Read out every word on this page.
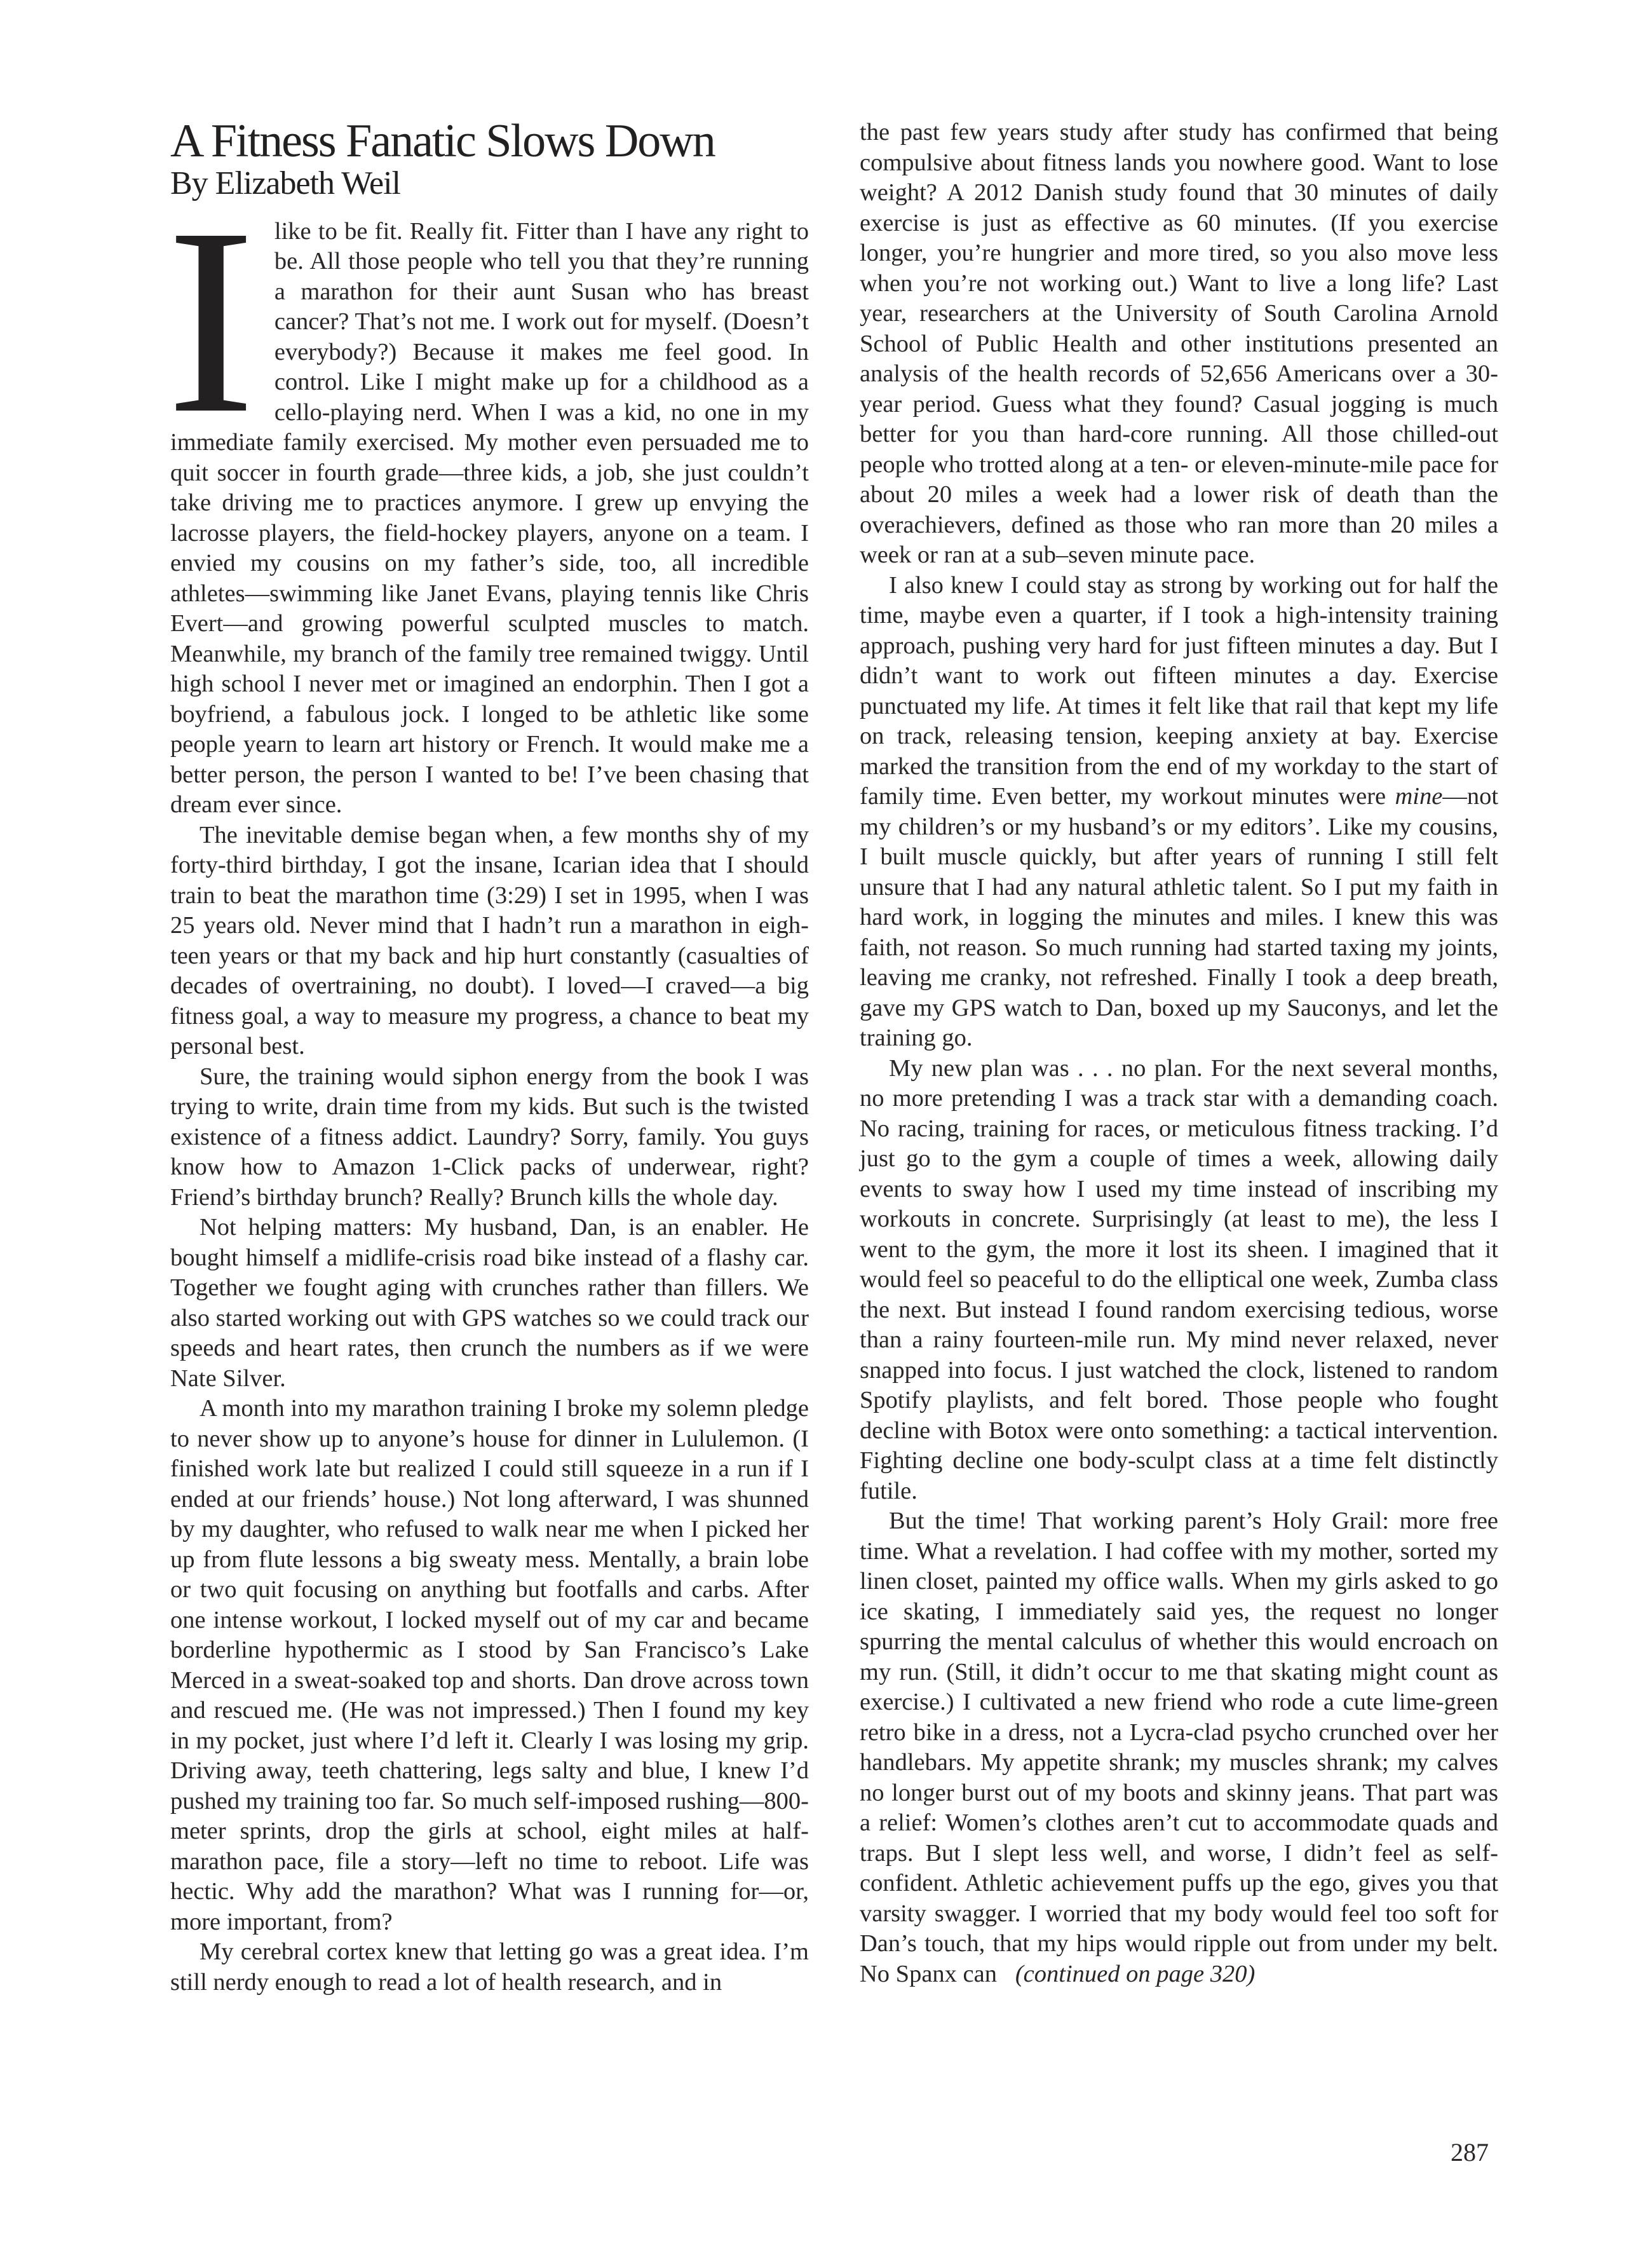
A Fitness Fanatic Slows Down
By Elizabeth Weil

Ilike to be fit. Really fit. Fitter than I have any right to be. All those people who tell you that they’re running a marathon for their aunt Susan who has breast cancer? That’s not me. I work out for myself. (Doesn’t everybody?) Because it makes me feel good. In control. Like I might make up for a childhood as a cello-playing nerd. When I was a kid, no one in my immediate family exercised. My mother even persuaded me to quit soccer in fourth grade—three kids, a job, she just couldn’t take driving me to practices anymore. I grew up envying the lacrosse players, the field-hockey players, anyone on a team. I envied my cousins on my father’s side, too, all incredible athletes—swimming like Janet Evans, playing tennis like Chris Evert—and growing powerful sculpted muscles to match. Meanwhile, my branch of the family tree remained twiggy. Until high school I never met or imagined an endorphin. Then I got a boyfriend, a fabulous jock. I longed to be athletic like some people yearn to learn art history or French. It would make me a better person, the person I wanted to be! I’ve been chasing that dream ever since.

The inevitable demise began when, a few months shy of my forty-third birthday, I got the insane, Icarian idea that I should train to beat the marathon time (3:29) I set in 1995, when I was 25 years old. Never mind that I hadn’t run a marathon in eighteen years or that my back and hip hurt constantly (casualties of decades of overtraining, no doubt). I loved—I craved—a big fitness goal, a way to measure my progress, a chance to beat my personal best.

Sure, the training would siphon energy from the book I was trying to write, drain time from my kids. But such is the twisted existence of a fitness addict. Laundry? Sorry, family. You guys know how to Amazon 1-Click packs of underwear, right? Friend’s birthday brunch? Really? Brunch kills the whole day.

Not helping matters: My husband, Dan, is an enabler. He bought himself a midlife-crisis road bike instead of a flashy car. Together we fought aging with crunches rather than fillers. We also started working out with GPS watches so we could track our speeds and heart rates, then crunch the numbers as if we were Nate Silver.

A month into my marathon training I broke my solemn pledge to never show up to anyone’s house for dinner in Lululemon. (I finished work late but realized I could still squeeze in a run if I ended at our friends’ house.) Not long afterward, I was shunned by my daughter, who refused to walk near me when I picked her up from flute lessons a big sweaty mess. Mentally, a brain lobe or two quit focusing on anything but footfalls and carbs. After one intense workout, I locked myself out of my car and became borderline hypothermic as I stood by San Francisco’s Lake Merced in a sweat-soaked top and shorts. Dan drove across town and rescued me. (He was not impressed.) Then I found my key in my pocket, just where I’d left it. Clearly I was losing my grip. Driving away, teeth chattering, legs salty and blue, I knew I’d pushed my training too far. So much self-imposed rushing—800-meter sprints, drop the girls at school, eight miles at half-marathon pace, file a story—left no time to reboot. Life was hectic. Why add the marathon? What was I running for—or, more important, from?

My cerebral cortex knew that letting go was a great idea. I’m still nerdy enough to read a lot of health research, and in

the past few years study after study has confirmed that being compulsive about fitness lands you nowhere good. Want to lose weight? A 2012 Danish study found that 30 minutes of daily exercise is just as effective as 60 minutes. (If you exercise longer, you’re hungrier and more tired, so you also move less when you’re not working out.) Want to live a long life? Last year, researchers at the University of South Carolina Arnold School of Public Health and other institutions presented an analysis of the health records of 52,656 Americans over a 30-year period. Guess what they found? Casual jogging is much better for you than hard-core running. All those chilled-out people who trotted along at a ten- or eleven-minute-mile pace for about 20 miles a week had a lower risk of death than the overachievers, defined as those who ran more than 20 miles a week or ran at a sub–seven minute pace.

I also knew I could stay as strong by working out for half the time, maybe even a quarter, if I took a high-intensity training approach, pushing very hard for just fifteen minutes a day. But I didn’t want to work out fifteen minutes a day. Exercise punctuated my life. At times it felt like that rail that kept my life on track, releasing tension, keeping anxiety at bay. Exercise marked the transition from the end of my workday to the start of family time. Even better, my workout minutes were mine—not my children’s or my husband’s or my editors’. Like my cousins, I built muscle quickly, but after years of running I still felt unsure that I had any natural athletic talent. So I put my faith in hard work, in logging the minutes and miles. I knew this was faith, not reason. So much running had started taxing my joints, leaving me cranky, not refreshed. Finally I took a deep breath, gave my GPS watch to Dan, boxed up my Sauconys, and let the training go.

My new plan was . . . no plan. For the next several months, no more pretending I was a track star with a demanding coach. No racing, training for races, or meticulous fitness tracking. I’d just go to the gym a couple of times a week, allowing daily events to sway how I used my time instead of inscribing my workouts in concrete. Surprisingly (at least to me), the less I went to the gym, the more it lost its sheen. I imagined that it would feel so peaceful to do the elliptical one week, Zumba class the next. But instead I found random exercising tedious, worse than a rainy fourteen-mile run. My mind never relaxed, never snapped into focus. I just watched the clock, listened to random Spotify playlists, and felt bored. Those people who fought decline with Botox were onto something: a tactical intervention. Fighting decline one body-sculpt class at a time felt distinctly futile.

But the time! That working parent’s Holy Grail: more free time. What a revelation. I had coffee with my mother, sorted my linen closet, painted my office walls. When my girls asked to go ice skating, I immediately said yes, the request no longer spurring the mental calculus of whether this would encroach on my run. (Still, it didn’t occur to me that skating might count as exercise.) I cultivated a new friend who rode a cute lime-green retro bike in a dress, not a Lycra-clad psycho crunched over her handlebars. My appetite shrank; my muscles shrank; my calves no longer burst out of my boots and skinny jeans. That part was a relief: Women’s clothes aren’t cut to accommodate quads and traps. But I slept less well, and worse, I didn’t feel as self-confident. Athletic achievement puffs up the ego, gives you that varsity swagger. I worried that my body would feel too soft for Dan’s touch, that my hips would ripple out from under my belt. No Spanx can (continued on page 320)

287
